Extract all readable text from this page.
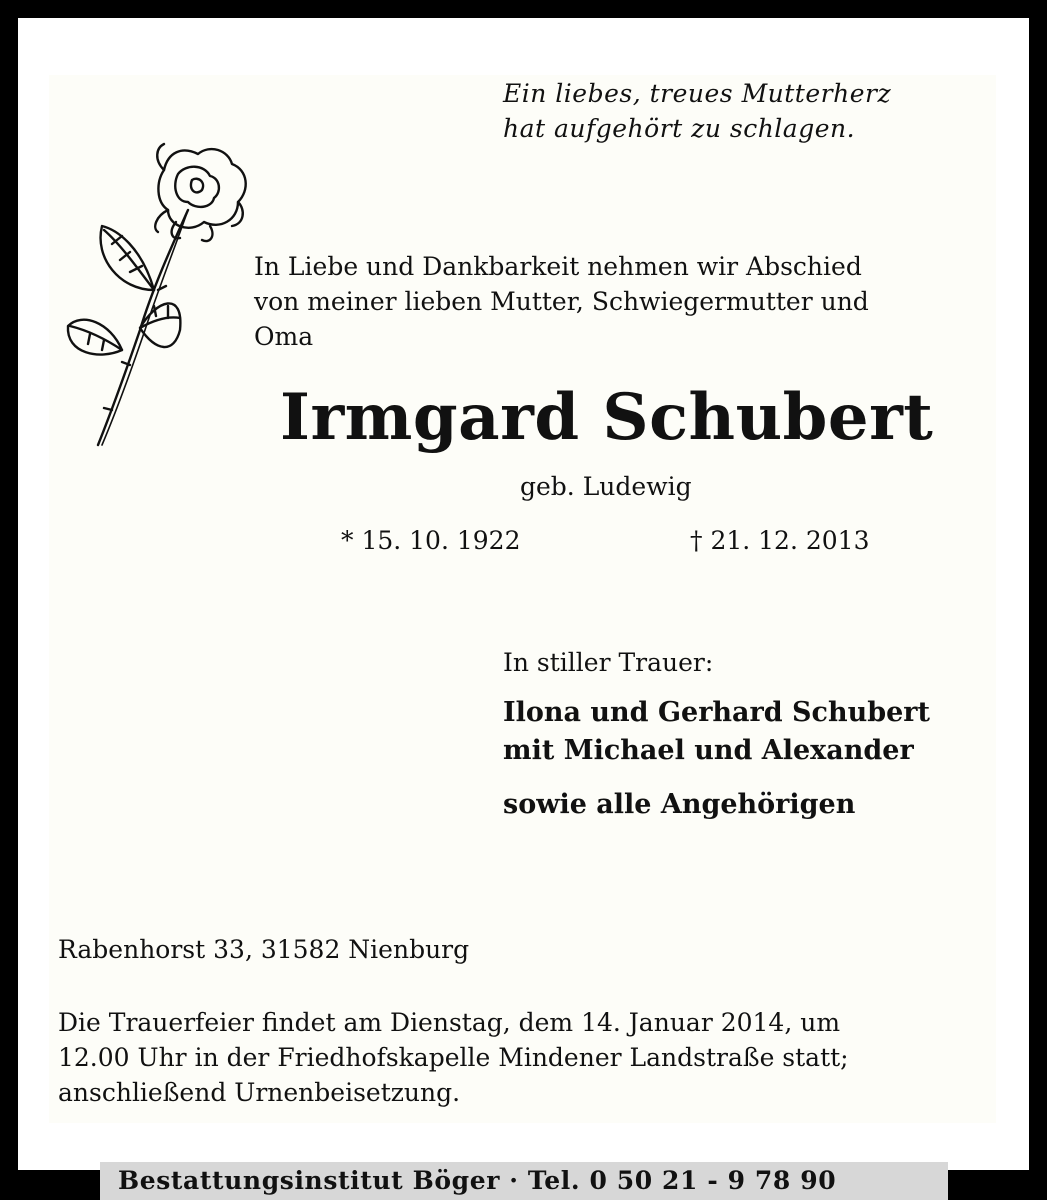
Ein liebes, treues Mutterherz
hat aufgehört zu schlagen.

In Liebe und Dankbarkeit nehmen wir Abschied
von meiner lieben Mutter, Schwiegermutter und
Oma

Irmgard Schubert

geb. Ludewig

* 15. 10. 1922	† 21. 12. 2013

In stiller Trauer:

Ilona und Gerhard Schubert
mit Michael und Alexander

sowie alle Angehörigen

Rabenhorst 33, 31582 Nienburg

Die Trauerfeier findet am Dienstag, dem 14. Januar 2014, um
12.00 Uhr in der Friedhofskapelle Mindener Landstraße statt;
anschließend Urnenbeisetzung.

Bestattungsinstitut Böger · Tel. 0 50 21 - 9 78 90
